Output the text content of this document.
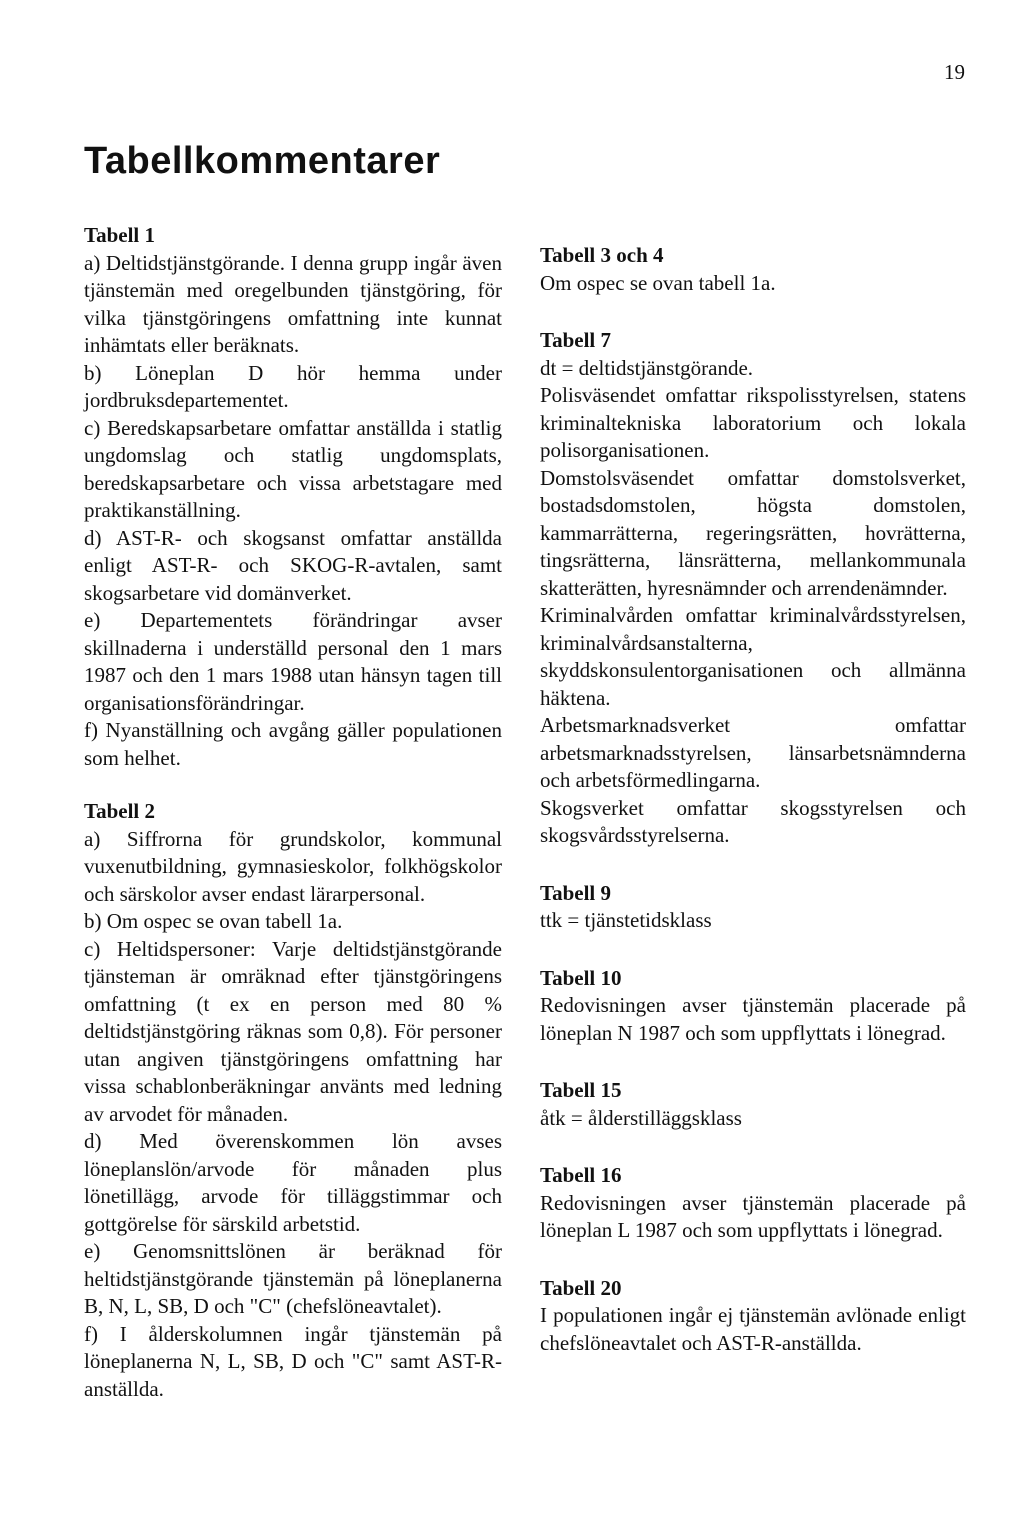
19
Tabellkommentarer

Tabell 1

a) Deltidstjänstgörande. I denna grupp ingår även tjänstemän med oregelbunden tjänstgöring, för vilka tjänstgöringens omfattning inte kunnat inhämtats eller beräknats.

b) Löneplan D hör hemma under jordbruksdepartementet.

c) Beredskapsarbetare omfattar anställda i statlig ungdomslag och statlig ungdomsplats, beredskapsarbetare och vissa arbetstagare med praktikanställning.

d) AST-R- och skogsanst omfattar anställda enligt AST-R- och SKOG-R-avtalen, samt skogsarbetare vid domänverket.

e) Departementets förändringar avser skillnaderna i underställd personal den 1 mars 1987 och den 1 mars 1988 utan hänsyn tagen till organisationsförändringar.

f) Nyanställning och avgång gäller populationen som helhet.

Tabell 2

a) Siffrorna för grundskolor, kommunal vuxenutbildning, gymnasieskolor, folkhögskolor och särskolor avser endast lärarpersonal.

b) Om ospec se ovan tabell 1a.

c) Heltidspersoner: Varje deltidstjänstgörande tjänsteman är omräknad efter tjänstgöringens omfattning (t ex en person med 80 % deltidstjänstgöring räknas som 0,8). För personer utan angiven tjänstgöringens omfattning har vissa schablonberäkningar använts med ledning av arvodet för månaden.

d) Med överenskommen lön avses löneplanslön/arvode för månaden plus lönetillägg, arvode för tilläggstimmar och gottgörelse för särskild arbetstid.

e) Genomsnittslönen är beräknad för heltidstjänstgörande tjänstemän på löneplanerna B, N, L, SB, D och "C" (chefslöneavtalet).

f) I ålderskolumnen ingår tjänstemän på löneplanerna N, L, SB, D och "C" samt AST-R-anställda.

Tabell 3 och 4

Om ospec se ovan tabell 1a.

Tabell 7

dt = deltidstjänstgörande.

Polisväsendet omfattar rikspolisstyrelsen, statens kriminaltekniska laboratorium och lokala polisorganisationen.

Domstolsväsendet omfattar domstolsverket, bostadsdomstolen, högsta domstolen, kammarrätterna, regeringsrätten, hovrätterna, tingsrätterna, länsrätterna, mellankommunala skatterätten, hyresnämnder och arrendenämnder.

Kriminalvården omfattar kriminalvårdsstyrelsen, kriminalvårdsanstalterna, skyddskonsulentorganisationen och allmänna häktena.

Arbetsmarknadsverket omfattar arbetsmarknadsstyrelsen, länsarbetsnämnderna och arbetsförmedlingarna.

Skogsverket omfattar skogsstyrelsen och skogsvårdsstyrelserna.

Tabell 9

ttk = tjänstetidsklass

Tabell 10

Redovisningen avser tjänstemän placerade på löneplan N 1987 och som uppflyttats i lönegrad.

Tabell 15

åtk = ålderstilläggsklass

Tabell 16

Redovisningen avser tjänstemän placerade på löneplan L 1987 och som uppflyttats i lönegrad.

Tabell 20

I populationen ingår ej tjänstemän avlönade enligt chefslöneavtalet och AST-R-anställda.
